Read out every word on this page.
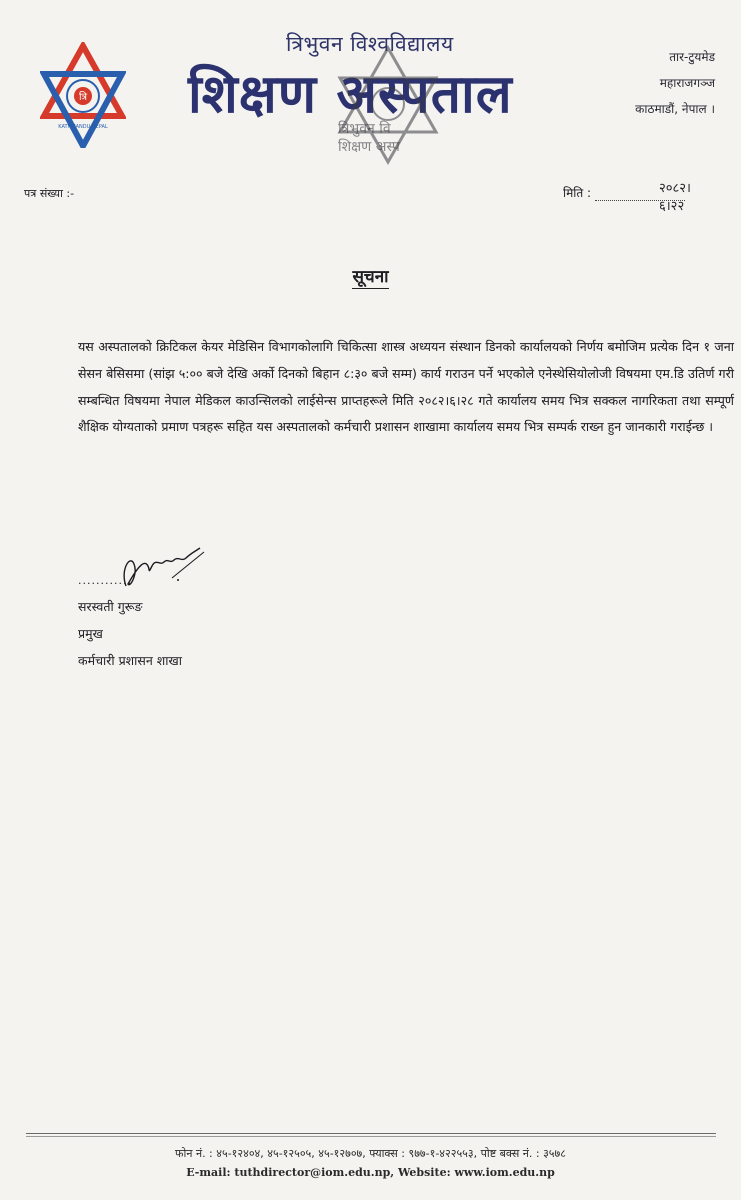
त्रि
KATHMANDU NEPAL
त्रिभुवन विश्वविद्यालय
शिक्षण अस्पताल
त्रिभुवन वि
शिक्षण अस्प
तार-टुयमेड
महाराजगञ्ज
काठमाडौं, नेपाल ।
पत्र संख्या :-	मिति :	२०८२।६।२२
सूचना
यस अस्पतालको क्रिटिकल केयर मेडिसिन विभागकोलागि चिकित्सा शास्त्र अध्ययन संस्थान डिनको कार्यालयको निर्णय बमोजिम प्रत्येक दिन १ जना सेसन बेसिसमा (सांझ ५:०० बजे देखि अर्को दिनको बिहान ८:३० बजे सम्म) कार्य गराउन पर्ने भएकोले एनेस्थेसियोलोजी विषयमा एम.डि उतिर्ण गरी सम्बन्धित विषयमा नेपाल मेडिकल काउन्सिलको लाईसेन्स प्राप्तहरूले मिति २०८२।६।२८ गते कार्यालय समय भित्र सक्कल नागरिकता तथा सम्पूर्ण शैक्षिक योग्यताको प्रमाण पत्रहरू सहित यस अस्पतालको कर्मचारी प्रशासन शाखामा कार्यालय समय भित्र सम्पर्क राख्न हुन जानकारी गराईन्छ ।
............
सरस्वती गुरूङ
प्रमुख
कर्मचारी प्रशासन शाखा
फोन नं. : ४५-१२४०४, ४५-१२५०५, ४५-१२७०७, फ्याक्स : ९७७-१-४२२५५३, पोष्ट बक्स नं. : ३५७८
E-mail: tuthdirector@iom.edu.np, Website: www.iom.edu.np
